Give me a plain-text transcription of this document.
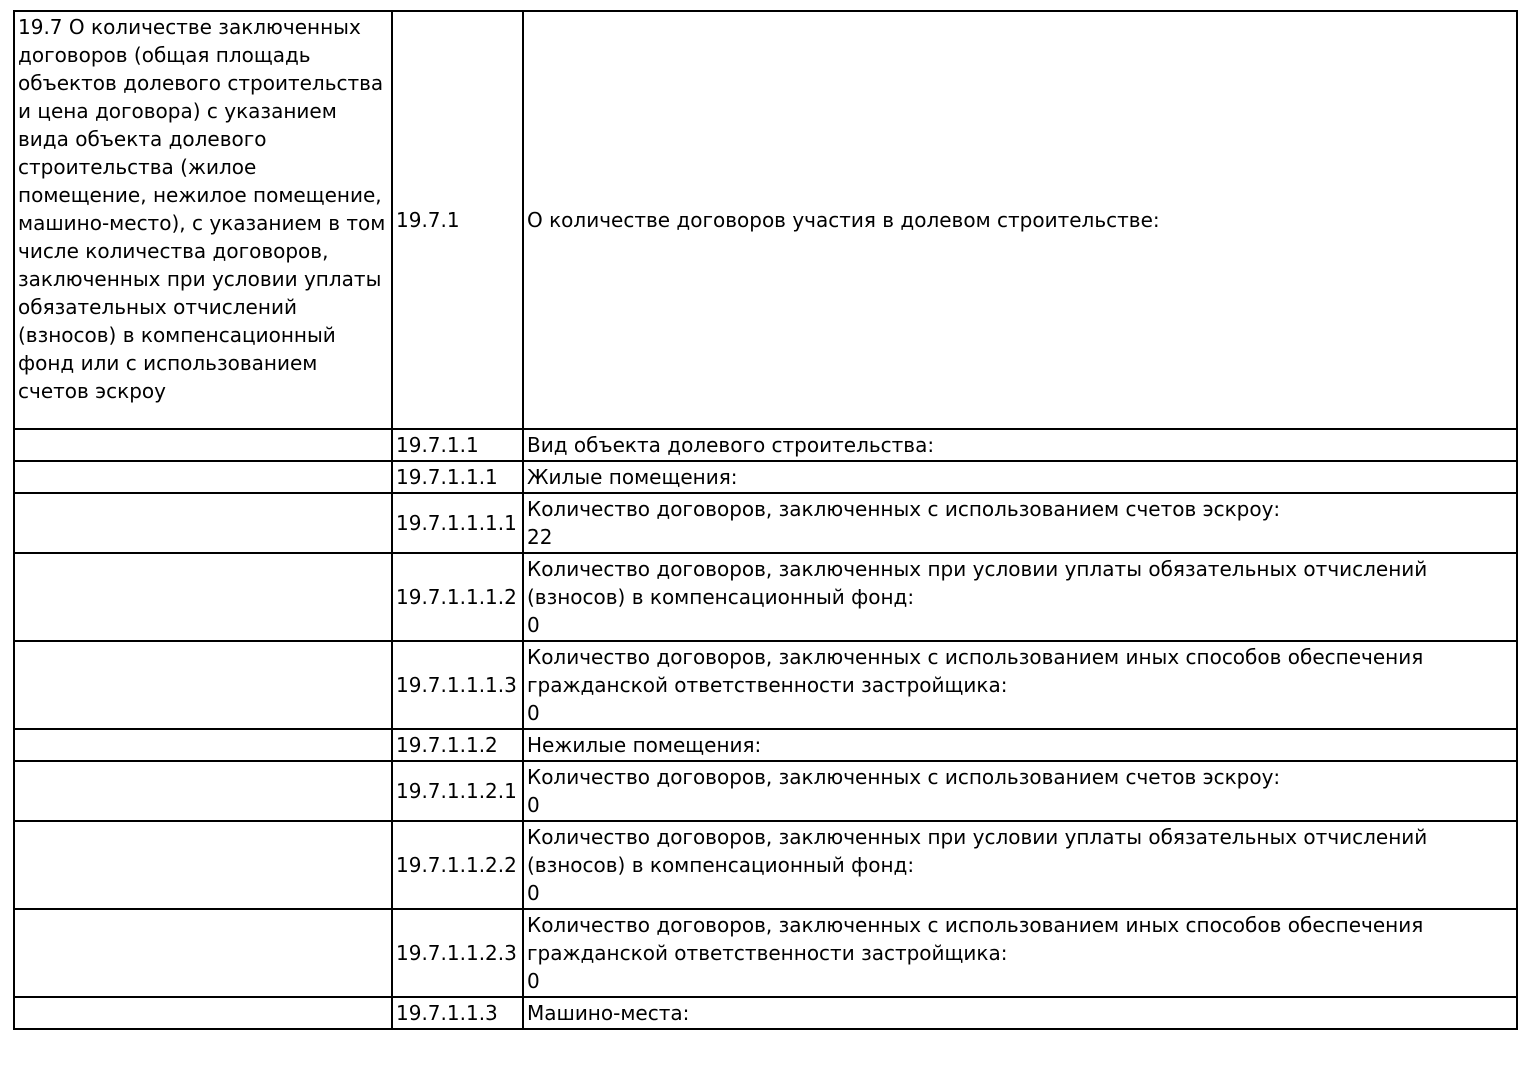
19.7 О количестве заключенных договоров (общая площадь объектов долевого строительства и цена договора) с указанием вида объекта долевого строительства (жилое помещение, нежилое помещение, машино-место), с указанием в том числе количества договоров, заключенных при условии уплаты обязательных отчислений (взносов) в компенсационный фонд или с использованием счетов эскроу	19.7.1	О количестве договоров участия в долевом строительстве:
	19.7.1.1	Вид объекта долевого строительства:

	19.7.1.1.1	Жилые помещения:

	19.7.1.1.1.1	Количество договоров, заключенных с использованием счетов эскроу:
22

	19.7.1.1.1.2	Количество договоров, заключенных при условии уплаты обязательных отчислений (взносов) в компенсационный фонд:
0

	19.7.1.1.1.3	Количество договоров, заключенных с использованием иных способов обеспечения гражданской ответственности застройщика:
0

	19.7.1.1.2	Нежилые помещения:

	19.7.1.1.2.1	Количество договоров, заключенных с использованием счетов эскроу:
0

	19.7.1.1.2.2	Количество договоров, заключенных при условии уплаты обязательных отчислений (взносов) в компенсационный фонд:
0

	19.7.1.1.2.3	Количество договоров, заключенных с использованием иных способов обеспечения гражданской ответственности застройщика:
0

	19.7.1.1.3	Машино-места:
